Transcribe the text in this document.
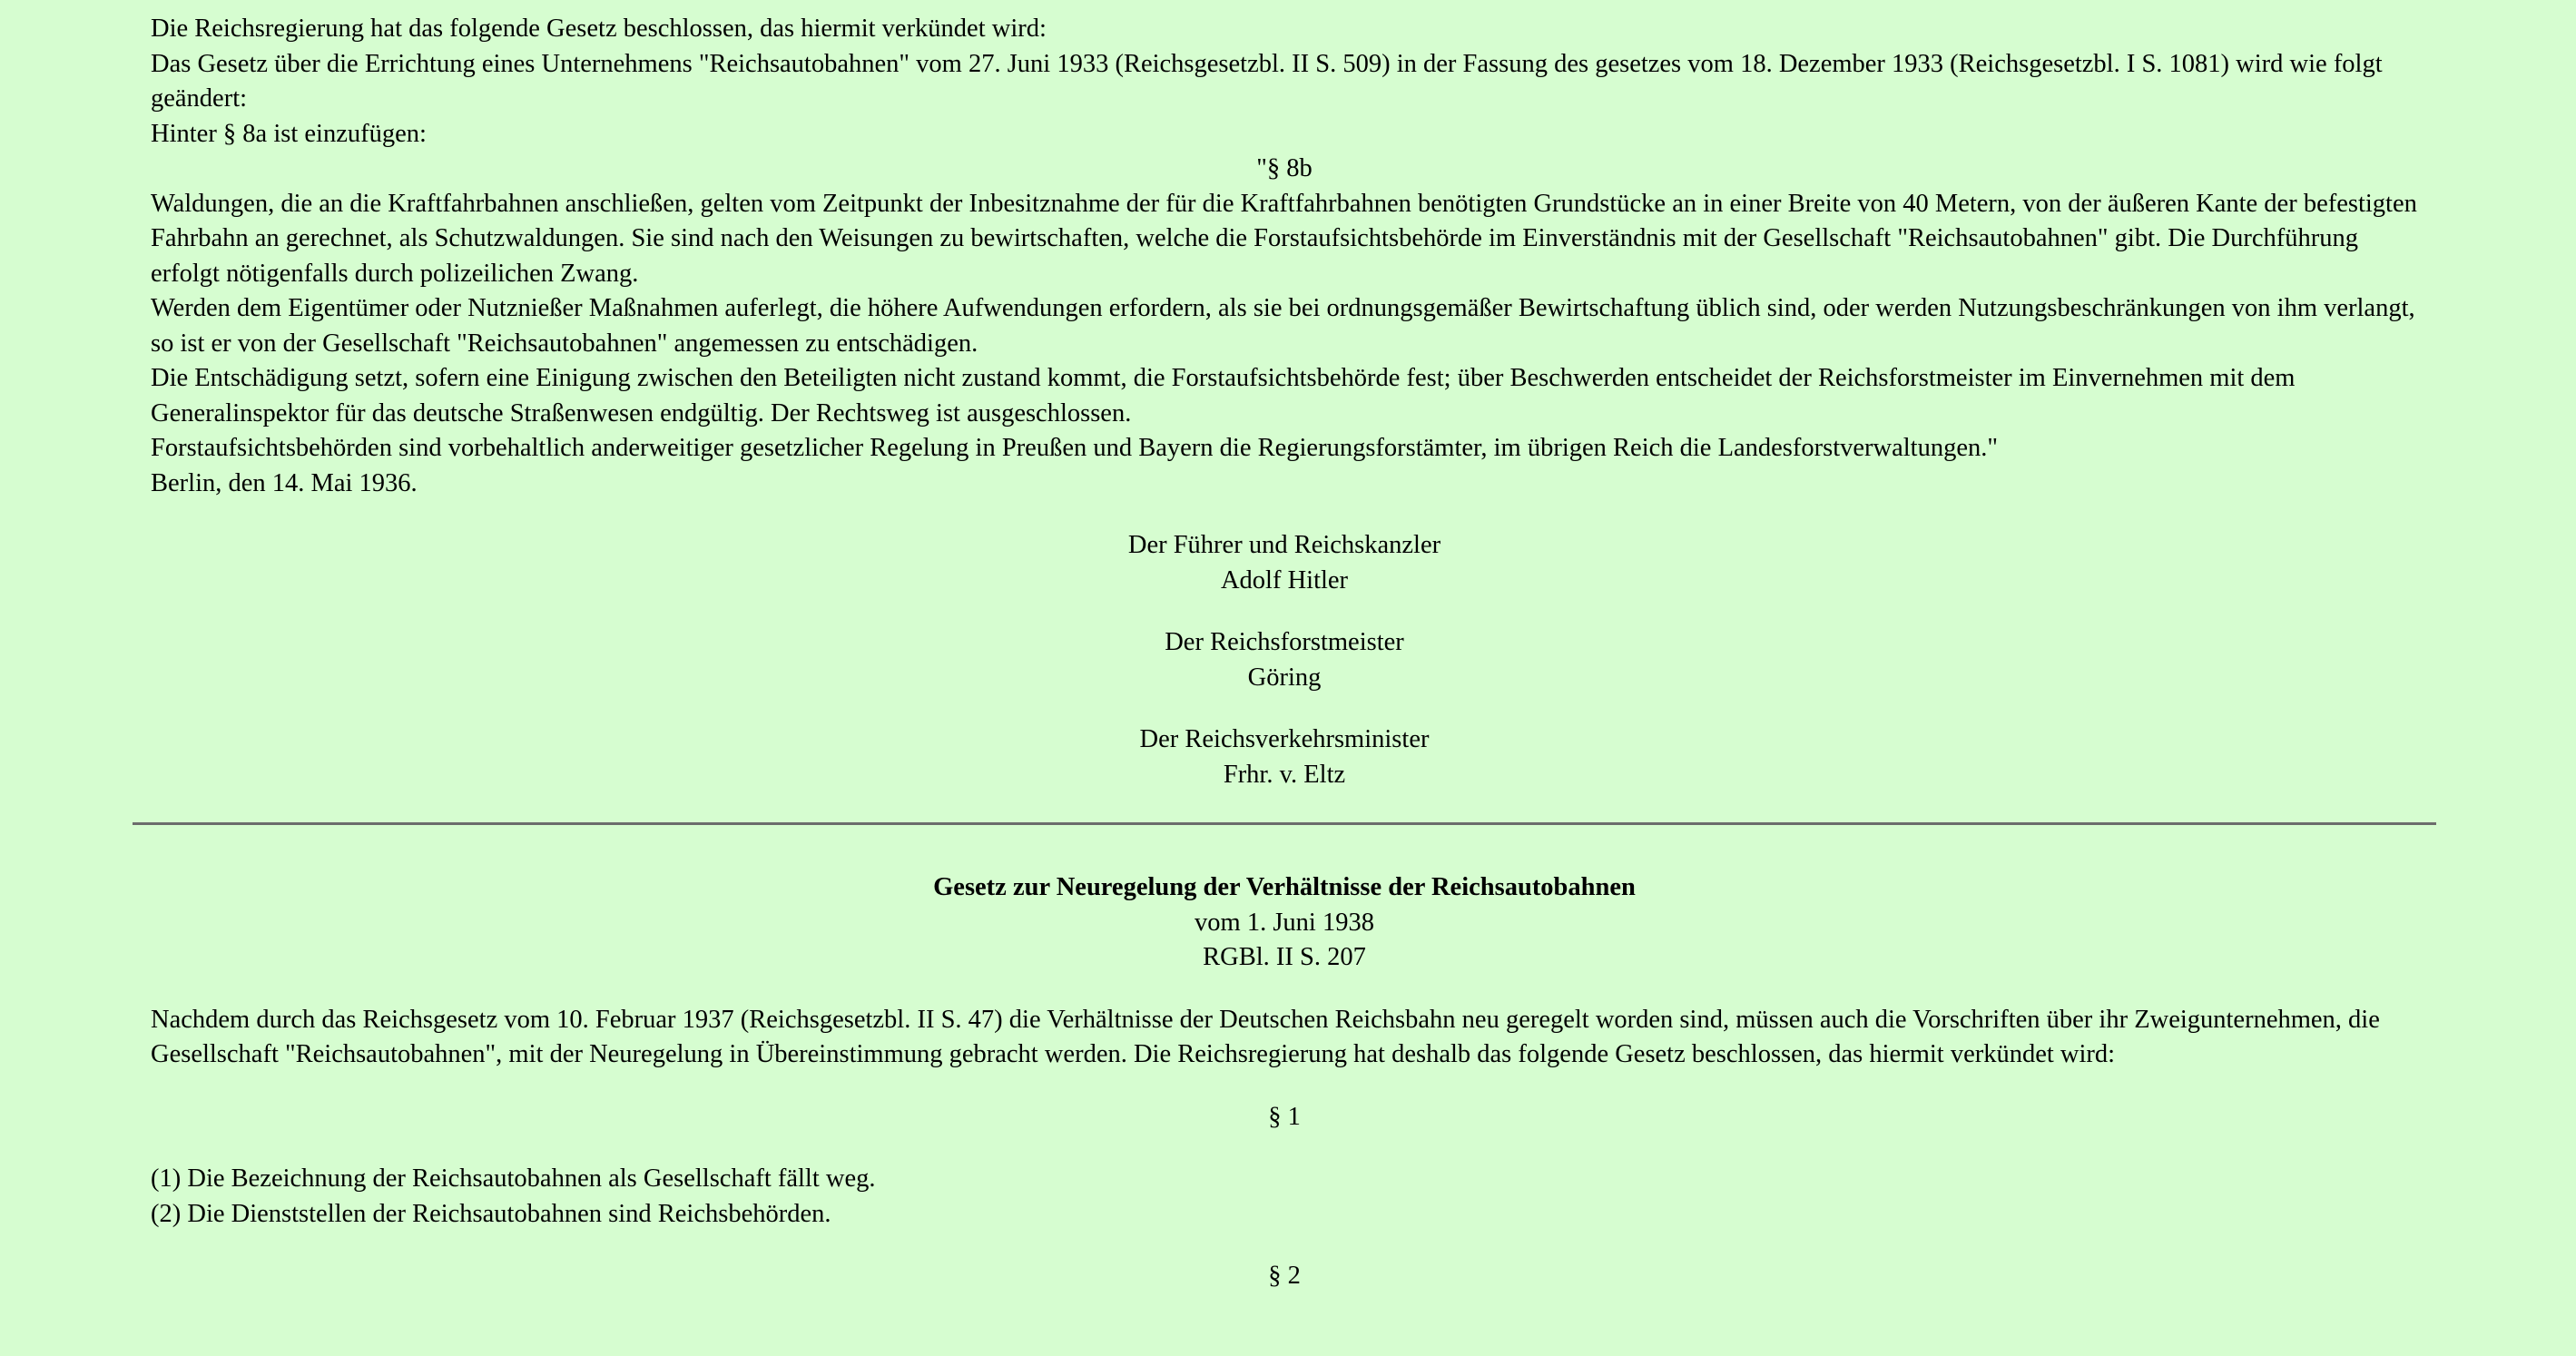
Die Reichsregierung hat das folgende Gesetz beschlossen, das hiermit verkündet wird:

Das Gesetz über die Errichtung eines Unternehmens "Reichsautobahnen" vom 27. Juni 1933 (Reichsgesetzbl. II S. 509) in der Fassung des gesetzes vom 18. Dezember 1933 (Reichsgesetzbl. I S. 1081) wird wie folgt geändert:

Hinter § 8a ist einzufügen:

"§ 8b

Waldungen, die an die Kraftfahrbahnen anschließen, gelten vom Zeitpunkt der Inbesitznahme der für die Kraftfahrbahnen benötigten Grundstücke an in einer Breite von 40 Metern, von der äußeren Kante der befestigten Fahrbahn an gerechnet, als Schutzwaldungen. Sie sind nach den Weisungen zu bewirtschaften, welche die Forstaufsichtsbehörde im Einverständnis mit der Gesellschaft "Reichsautobahnen" gibt. Die Durchführung erfolgt nötigenfalls durch polizeilichen Zwang.

Werden dem Eigentümer oder Nutznießer Maßnahmen auferlegt, die höhere Aufwendungen erfordern, als sie bei ordnungsgemäßer Bewirtschaftung üblich sind, oder werden Nutzungsbeschränkungen von ihm verlangt, so ist er von der Gesellschaft "Reichsautobahnen" angemessen zu entschädigen.

Die Entschädigung setzt, sofern eine Einigung zwischen den Beteiligten nicht zustand kommt, die Forstaufsichtsbehörde fest; über Beschwerden entscheidet der Reichsforstmeister im Einvernehmen mit dem Generalinspektor für das deutsche Straßenwesen endgültig. Der Rechtsweg ist ausgeschlossen.

Forstaufsichtsbehörden sind vorbehaltlich anderweitiger gesetzlicher Regelung in Preußen und Bayern die Regierungsforstämter, im übrigen Reich die Landesforstverwaltungen."

Berlin, den 14. Mai 1936.

Der Führer und Reichskanzler

Adolf Hitler

Der Reichsforstmeister

Göring

Der Reichsverkehrsminister

Frhr. v. Eltz

Gesetz zur Neuregelung der Verhältnisse der Reichsautobahnen

vom 1. Juni 1938

RGBl. II S. 207

Nachdem durch das Reichsgesetz vom 10. Februar 1937 (Reichsgesetzbl. II S. 47) die Verhältnisse der Deutschen Reichsbahn neu geregelt worden sind, müssen auch die Vorschriften über ihr Zweigunternehmen, die Gesellschaft "Reichsautobahnen", mit der Neuregelung in Übereinstimmung gebracht werden. Die Reichsregierung hat deshalb das folgende Gesetz beschlossen, das hiermit verkündet wird:

§ 1

(1) Die Bezeichnung der Reichsautobahnen als Gesellschaft fällt weg.

(2) Die Dienststellen der Reichsautobahnen sind Reichsbehörden.

§ 2
